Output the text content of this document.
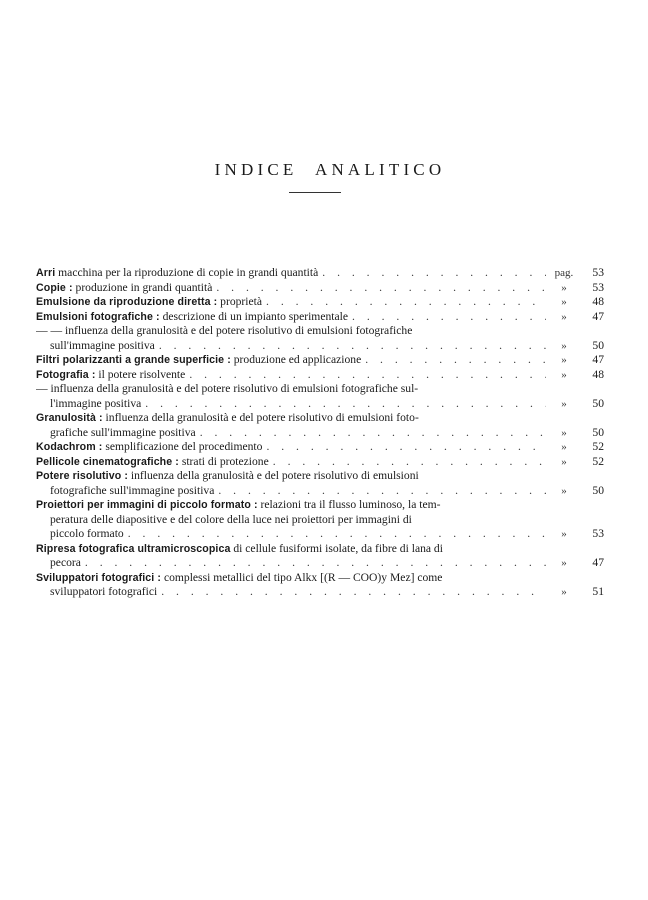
INDICE ANALITICO
Arri macchina per la riproduzione di copie in grandi quantità . . .	pag.	53
Copie : produzione in grandi quantità . . .	»	53
Emulsione da riproduzione diretta : proprietà . . .	»	48
Emulsioni fotografiche : descrizione di un impianto sperimentale . . .	»	47
— — influenza della granulosità e del potere risolutivo di emulsioni fotografiche
sull'immagine positiva . . .	»	50
Filtri polarizzanti a grande superficie : produzione ed applicazione . . .	»	47
Fotografia : il potere risolvente . . .	»	48
— influenza della granulosità e del potere risolutivo di emulsioni fotografiche sul-
l'immagine positiva . . .	»	50
Granulosità : influenza della granulosità e del potere risolutivo di emulsioni foto-
grafiche sull'immagine positiva . . .	»	50
Kodachrom : semplificazione del procedimento . . .	»	52
Pellicole cinematografiche : strati di protezione . . .	»	52
Potere risolutivo : influenza della granulosità e del potere risolutivo di emulsioni
fotografiche sull'immagine positiva . . .	»	50
Proiettori per immagini di piccolo formato : relazioni tra il flusso luminoso, la tem-
peratura delle diapositive e del colore della luce nei proiettori per immagini di
piccolo formato . . .	»	53
Ripresa fotografica ultramicroscopica di cellule fusiformi isolate, da fibre di lana di
pecora . . .	»	47
Sviluppatori fotografici : complessi metallici del tipo Alkx [(R — COO)y Mez] come
sviluppatori fotografici . . .	»	51
